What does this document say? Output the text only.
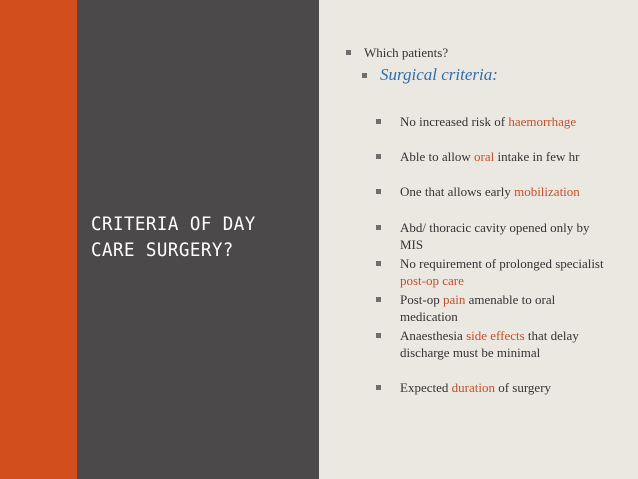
CRITERIA OF DAY
CARE SURGERY?
Which patients?
Surgical criteria:
No increased risk of haemorrhage
Able to allow oral intake in few hr
One that allows early mobilization
Abd/ thoracic cavity opened only by MIS
No requirement of prolonged specialist post-op care
Post-op pain amenable to oral medication
Anaesthesia side effects that delay discharge must be minimal
Expected duration of surgery
